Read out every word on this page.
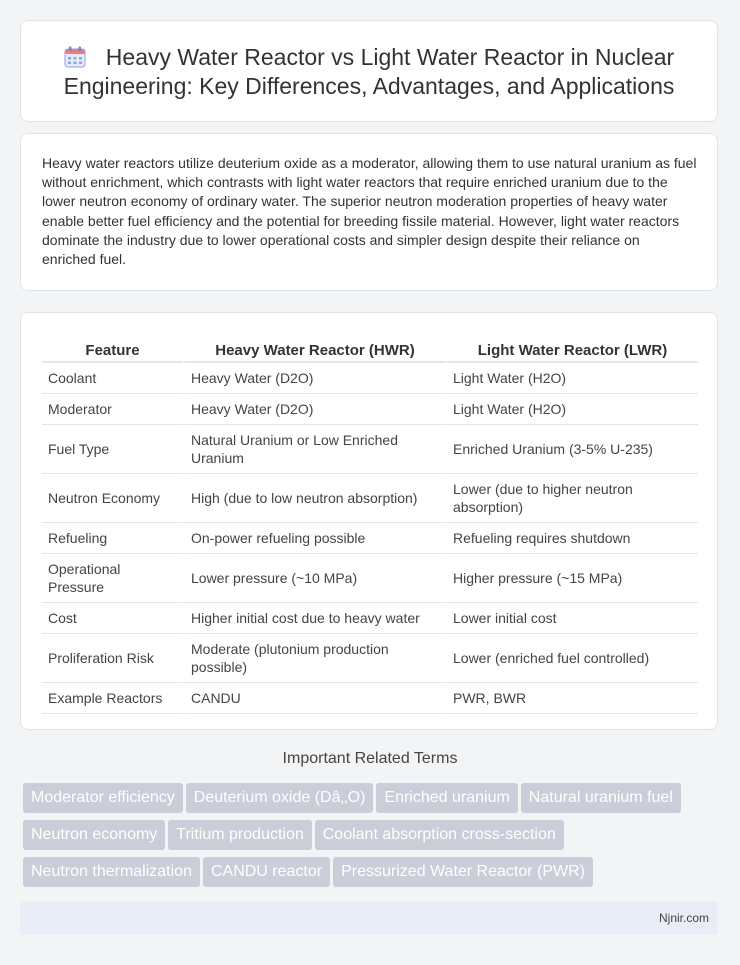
Heavy Water Reactor vs Light Water Reactor in Nuclear Engineering: Key Differences, Advantages, and Applications

Heavy water reactors utilize deuterium oxide as a moderator, allowing them to use natural uranium as fuel without enrichment, which contrasts with light water reactors that require enriched uranium due to the lower neutron economy of ordinary water. The superior neutron moderation properties of heavy water enable better fuel efficiency and the potential for breeding fissile material. However, light water reactors dominate the industry due to lower operational costs and simpler design despite their reliance on enriched fuel.

Feature	Heavy Water Reactor (HWR)	Light Water Reactor (LWR)
Coolant	Heavy Water (D2O)	Light Water (H2O)
Moderator	Heavy Water (D2O)	Light Water (H2O)
Fuel Type	Natural Uranium or Low Enriched Uranium	Enriched Uranium (3-5% U-235)
Neutron Economy	High (due to low neutron absorption)	Lower (due to higher neutron absorption)
Refueling	On-power refueling possible	Refueling requires shutdown
Operational Pressure	Lower pressure (~10 MPa)	Higher pressure (~15 MPa)
Cost	Higher initial cost due to heavy water	Lower initial cost
Proliferation Risk	Moderate (plutonium production possible)	Lower (enriched fuel controlled)
Example Reactors	CANDU	PWR, BWR
Important Related Terms
Moderator efficiency Deuterium oxide (Dâ‚‚O) Enriched uranium Natural uranium fuel
Neutron economy Tritium production Coolant absorption cross-section
Neutron thermalization CANDU reactor Pressurized Water Reactor (PWR)
Njnir.com
